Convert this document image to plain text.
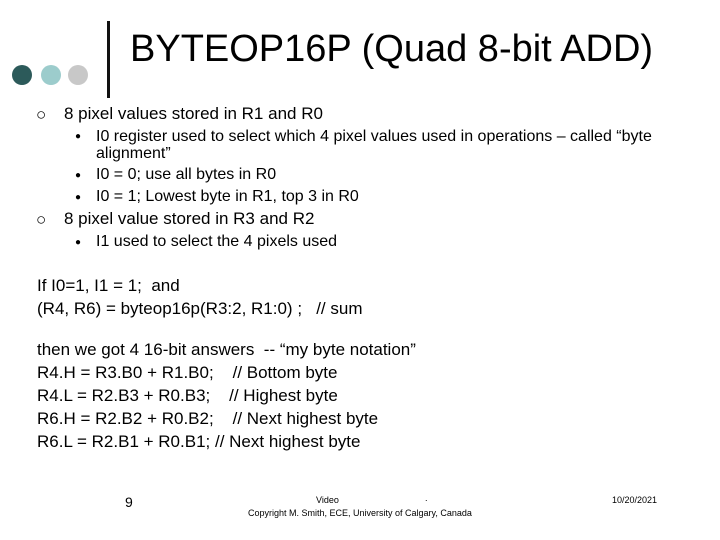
BYTEOP16P (Quad 8-bit ADD)
○ 8 pixel values stored in R1 and R0
● I0 register used to select which 4 pixel values used in operations – called “byte alignment”
● I0 = 0; use all bytes in R0
● I0 = 1; Lowest byte in R1, top 3 in R0
○ 8 pixel value stored in R3 and R2
● I1 used to select the 4 pixels used
If I0=1, I1 = 1;  and
(R4, R6) = byteop16p(R3:2, R1:0) ;   // sum
then we got 4 16-bit answers  -- “my byte notation”
R4.H = R3.B0 + R1.B0;    // Bottom byte
R4.L = R2.B3 + R0.B3;    // Highest byte
R6.H = R2.B2 + R0.B2;    // Next highest byte
R6.L = R2.B1 + R0.B1; // Next highest byte
9	Video	.
Copyright M. Smith, ECE, University of Calgary, Canada
10/20/2021
